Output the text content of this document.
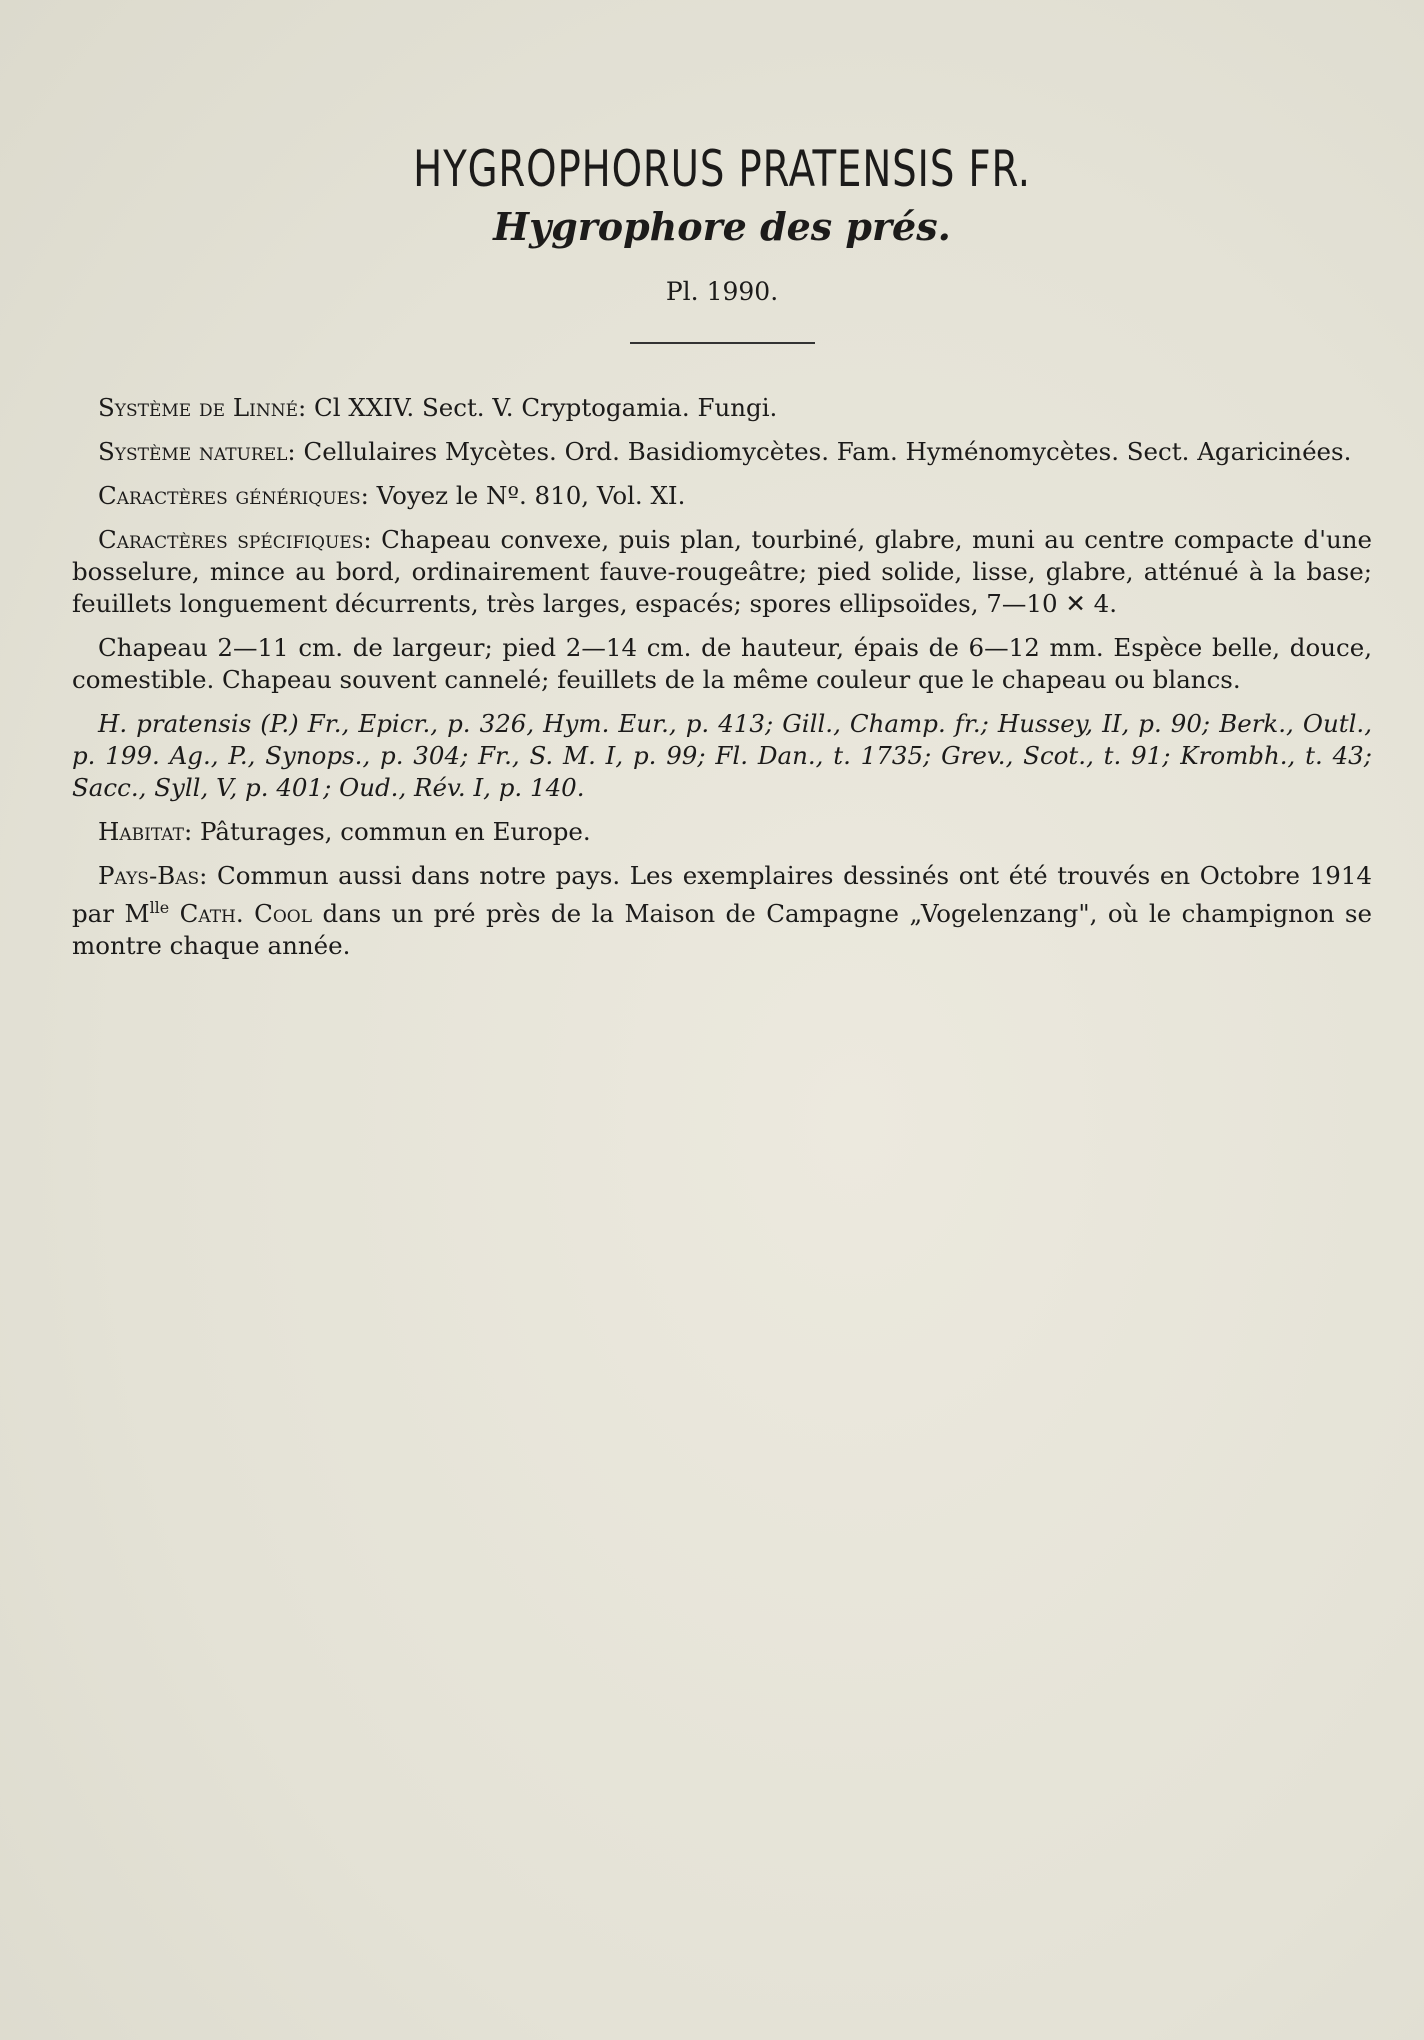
HYGROPHORUS PRATENSIS FR.
Hygrophore des prés.
Pl. 1990.

Système de Linné: Cl XXIV. Sect. V. Cryptogamia. Fungi.

Système naturel: Cellulaires Mycètes. Ord. Basidiomycètes. Fam. Hyménomycètes. Sect. Agaricinées.

Caractères génériques: Voyez le Nº. 810, Vol. XI.

Caractères spécifiques: Chapeau convexe, puis plan, tourbiné, glabre, muni au centre compacte d'une bosselure, mince au bord, ordinairement fauve-rougeâtre; pied solide, lisse, glabre, atténué à la base; feuillets longuement décurrents, très larges, espacés; spores ellipsoïdes, 7—10 ✕ 4.

Chapeau 2—11 cm. de largeur; pied 2—14 cm. de hauteur, épais de 6—12 mm. Espèce belle, douce, comestible. Chapeau souvent cannelé; feuillets de la même couleur que le chapeau ou blancs.

H. pratensis (P.) Fr., Epicr., p. 326, Hym. Eur., p. 413; Gill., Champ. fr.; Hussey, II, p. 90; Berk., Outl., p. 199. Ag., P., Synops., p. 304; Fr., S. M. I, p. 99; Fl. Dan., t. 1735; Grev., Scot., t. 91; Krombh., t. 43; Sacc., Syll, V, p. 401; Oud., Rév. I, p. 140.

Habitat: Pâturages, commun en Europe.

Pays-Bas: Commun aussi dans notre pays. Les exemplaires dessinés ont été trouvés en Octobre 1914 par $M^{lle}$ Cath. Cool dans un pré près de la Maison de Campagne „Vogelenzang", où le champignon se montre chaque année.
